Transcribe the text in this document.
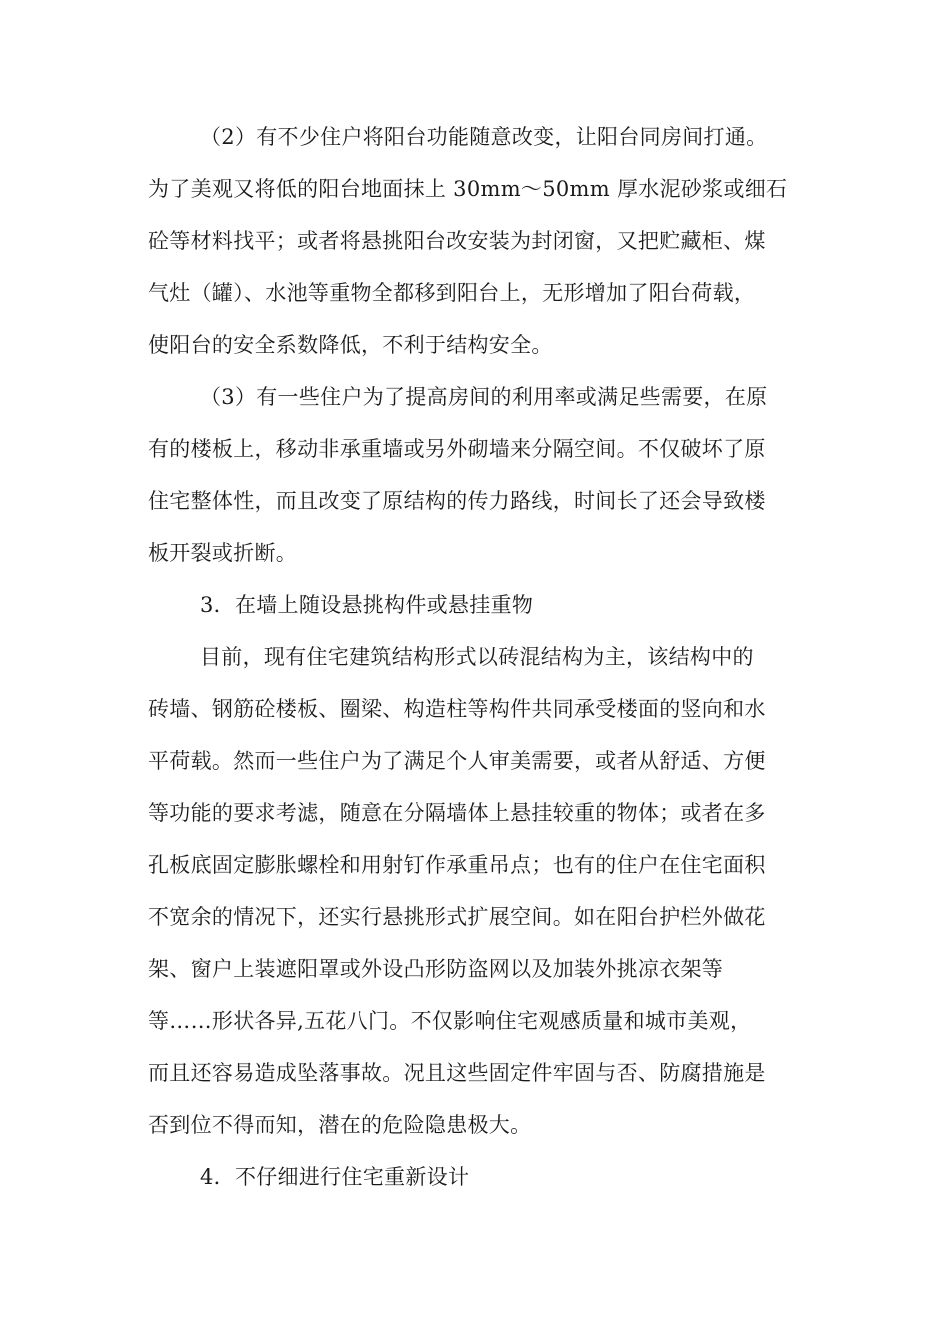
（2）有不少住户将阳台功能随意改变，让阳台同房间打通。
为了美观又将低的阳台地面抹上 30mm～50mm 厚水泥砂浆或细石
砼等材料找平；或者将悬挑阳台改安装为封闭窗，又把贮藏柜、煤
气灶（罐）、水池等重物全都移到阳台上，无形增加了阳台荷载，
使阳台的安全系数降低，不利于结构安全。
（3）有一些住户为了提高房间的利用率或满足些需要，在原
有的楼板上，移动非承重墙或另外砌墙来分隔空间。不仅破坏了原
住宅整体性，而且改变了原结构的传力路线，时间长了还会导致楼
板开裂或折断。
3．在墙上随设悬挑构件或悬挂重物
目前，现有住宅建筑结构形式以砖混结构为主，该结构中的
砖墙、钢筋砼楼板、圈梁、构造柱等构件共同承受楼面的竖向和水
平荷载。然而一些住户为了满足个人审美需要，或者从舒适、方便
等功能的要求考滤，随意在分隔墙体上悬挂较重的物体；或者在多
孔板底固定膨胀螺栓和用射钉作承重吊点；也有的住户在住宅面积
不宽余的情况下，还实行悬挑形式扩展空间。如在阳台护栏外做花
架、窗户上装遮阳罩或外设凸形防盗网以及加装外挑凉衣架等
等……形状各异,五花八门。不仅影响住宅观感质量和城市美观，
而且还容易造成坠落事故。况且这些固定件牢固与否、防腐措施是
否到位不得而知，潜在的危险隐患极大。
4．不仔细进行住宅重新设计
